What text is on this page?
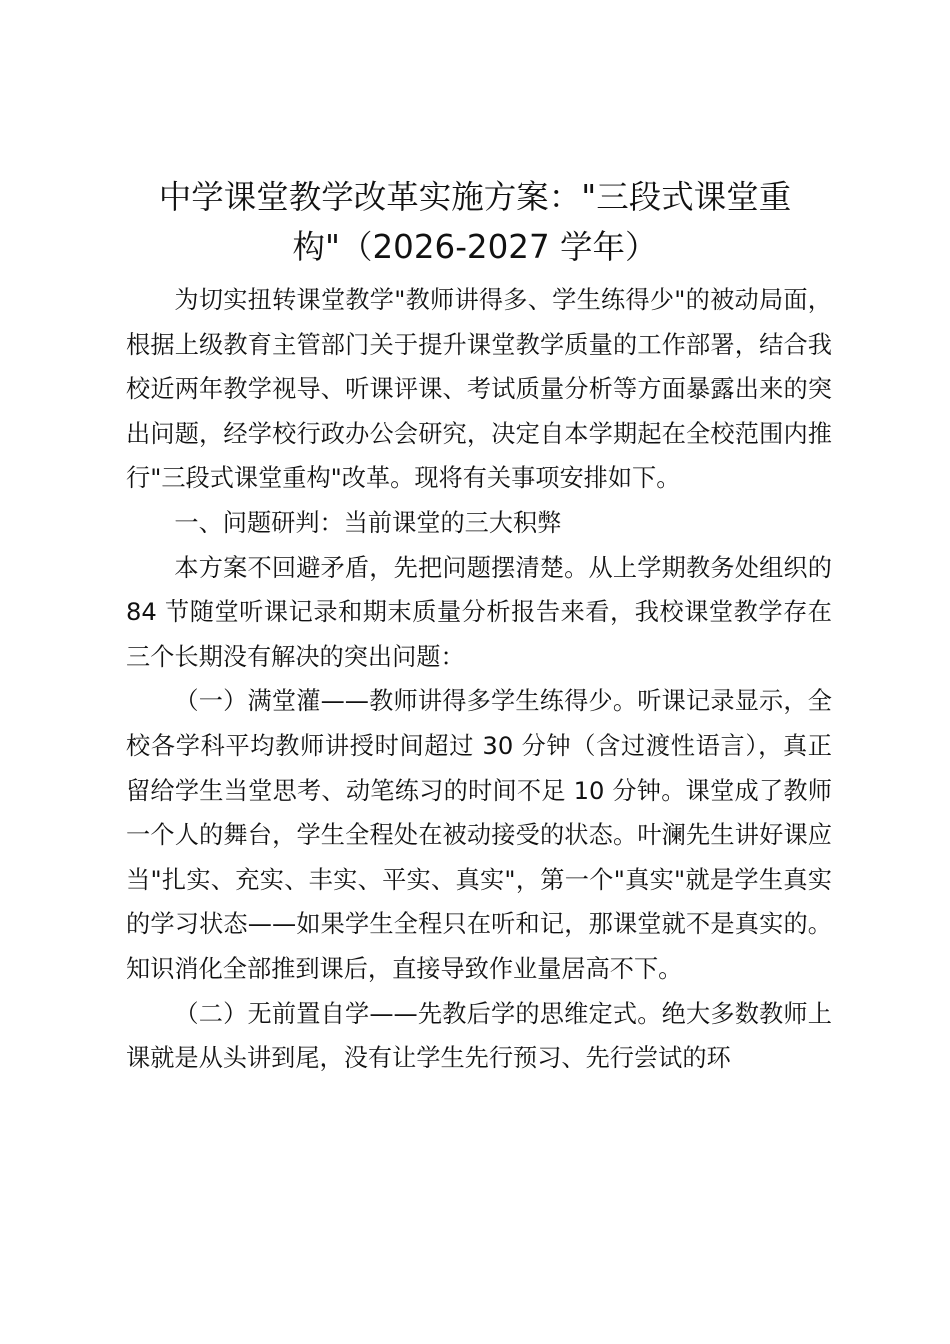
中学课堂教学改革实施方案："三段式课堂重
构"（2026-2027 学年）

为切实扭转课堂教学"教师讲得多、学生练得少"的被动局面，根据上级教育主管部门关于提升课堂教学质量的工作部署，结合我校近两年教学视导、听课评课、考试质量分析等方面暴露出来的突出问题，经学校行政办公会研究，决定自本学期起在全校范围内推行"三段式课堂重构"改革。现将有关事项安排如下。

一、问题研判：当前课堂的三大积弊

本方案不回避矛盾，先把问题摆清楚。从上学期教务处组织的 84 节随堂听课记录和期末质量分析报告来看，我校课堂教学存在三个长期没有解决的突出问题：

（一）满堂灌——教师讲得多学生练得少。听课记录显示，全校各学科平均教师讲授时间超过 30 分钟（含过渡性语言），真正留给学生当堂思考、动笔练习的时间不足 10 分钟。课堂成了教师一个人的舞台，学生全程处在被动接受的状态。叶澜先生讲好课应当"扎实、充实、丰实、平实、真实"，第一个"真实"就是学生真实的学习状态——如果学生全程只在听和记，那课堂就不是真实的。知识消化全部推到课后，直接导致作业量居高不下。

（二）无前置自学——先教后学的思维定式。绝大多数教师上课就是从头讲到尾，没有让学生先行预习、先行尝试的环
